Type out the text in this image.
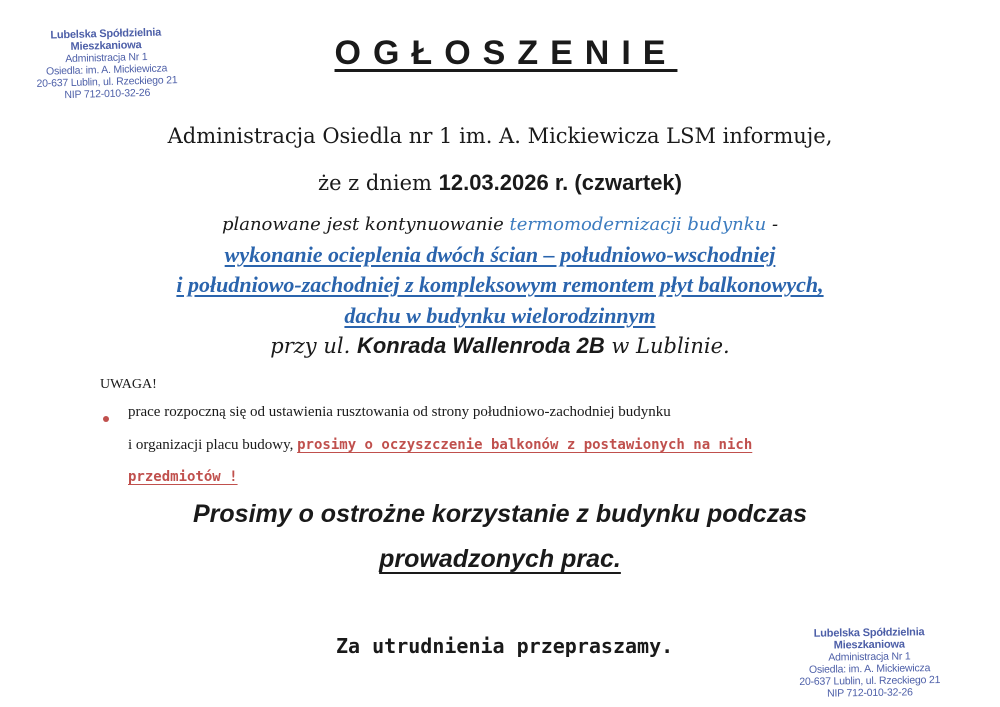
Lubelska Spółdzielnia Mieszkaniowa
Administracja Nr 1
Osiedla: im. A. Mickiewicza
20-637 Lublin, ul. Rzeckiego 21
NIP 712-010-32-26
OGŁOSZENIE
Administracja Osiedla nr 1 im. A. Mickiewicza LSM informuje,
że z dniem 12.03.2026 r. (czwartek)
planowane jest kontynuowanie termomodernizacji budynku -
wykonanie ocieplenia dwóch ścian – południowo-wschodniej
i południowo-zachodniej z kompleksowym remontem płyt balkonowych,
dachu w budynku wielorodzinnym
przy ul. Konrada Wallenroda 2B w Lublinie.
UWAGA!
prace rozpoczną się od ustawienia rusztowania od strony południowo-zachodniej budynku
i organizacji placu budowy, prosimy o oczyszczenie balkonów z postawionych na nich
przedmiotów !
Prosimy o ostrożne korzystanie z budynku podczas
prowadzonych prac.
Za utrudnienia przepraszamy.
Lubelska Spółdzielnia Mieszkaniowa
Administracja Nr 1
Osiedla: im. A. Mickiewicza
20-637 Lublin, ul. Rzeckiego 21
NIP 712-010-32-26
